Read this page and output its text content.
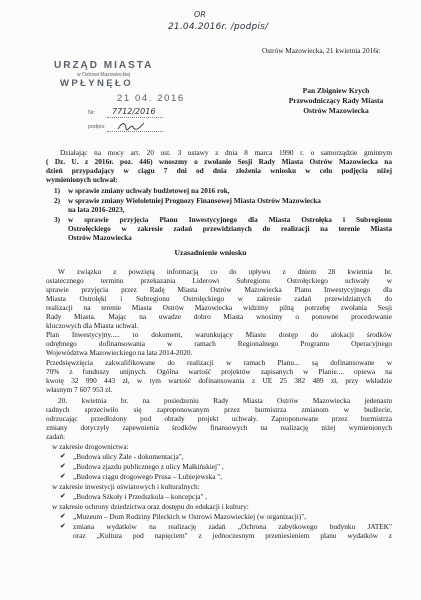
OR
21.04.2016r. /podpis/
Ostrów Mazowiecka, 21 kwietnia 2016r.
URZĄD MIASTA
w Ostrowi Mazowieckiej
WPŁYNĘŁO
21 04. 2016
Nr: 7712/2016
podpis:
Pan Zbigniew Krych
Przewodniczący Rady Miasta
Ostrów Mazowiecka
Działając na mocy art. 20 ust. 3 ustawy z dnia 8 marca 1990 r. o samorządzie gminnym
( Dz. U. z 2016r. poz. 446) wnoszmy o zwołanie Sesji Rady Miasta Ostrów Mazowiecka na
dzień przypadający w ciągu 7 dni od dnia złożenia wniosku w celu podjęcia niżej
wymienionych uchwał:
1) w sprawie zmiany uchwały budżetowej na 2016 rok,
2) w sprawie zmiany Wieloletniej Prognozy Finansowej Miasta Ostrów Mazowiecka
na lata 2016-2023,
3) w sprawie przyjęcia Planu Inwestycyjnego dla Miasta Ostrołęka i Subregionu
Ostrołęckiego w zakresie zadań przewidzianych do realizacji na terenie Miasta
Ostrów Mazowiecka
Uzasadnienie wniosku
W związku z powziętą informacją co do upływu z dniem 28 kwietnia br.
ostatecznego terminu przekazania Liderowi Subregionu Ostrołęckiego uchwały w
sprawie przyjęcia przez Radę Miasta Ostrów Mazowiecka Planu Inwestycyjnego dla
Miasta Ostrołęki i Subregionu Ostrołęckiego w zakresie zadań przewidzianych do
realizacji na terenie Miasta Ostrów Mazowiecka widzimy pilną potrzebę zwołania Sesji
Rady Miasta. Mając na uwadze dobro Miasta wnosimy o ponowne procedowanie
kluczowych dla Miasta uchwał.
Plan Inwestycyjny..... to dokument, warunkujący Miastu dostęp do alokacji środków
odrębnego dofinansowania w ramach Regionalnego Programu Operacyjnego
Województwa Mazowieckiego na lata 2014-2020.
Przedsięwzięcia zakwalifikowane do realizacji w ramach Planu... są dofinansowane w
70% z funduszy unijnych. Ogólna wartość projektów zapisanych w Planie.... opiewa na
kwotę 32 990 443 zł, w tym wartość dofinansowania z UE 25 382 489 zł, przy wkładzie
własnym 7 607 953 zł.
20. kwietnia br. na posiedzeniu Rady Miasta Ostrów Mazowiecka jedenastu
radnych sprzeciwiło się zaproponowanym przez burmistrza zmianom w budżecie,
odrzucając przedłożony pod obrady projekt uchwały. Zaproponowane przez burmistrza
zmiany dotyczyły zapewnienia środków finansowych na realizację niżej wymienionych
zadań:
w zakresie drogownictwa:
✔ „Budowa ulicy Żale - dokumentacja",
✔ „Budowa zjazdu publicznego z ulicy Małkińskiej" ,
✔ „Budowa ciągu drogowego Prusa – Lubiejewska ",
w zakresie inwestycji oświatowych i kulturalnych:
✔ „Budowa Szkoły i Przedszkola – koncepcja" ,
w zakresie ochrony dziedzictwa oraz dostępu do edukacji i kultury:
✔ „Muzeum – Dom Rodziny Pileckich w Ostrowi Mazowieckiej (w organizacji)",
✔ zmiana wydatków na realizację zadań „Ochrona zabytkowego budynku JATEK"
oraz „Kultura pod napięciem" z jednoczesnym przeniesieniem planu wydatków z
